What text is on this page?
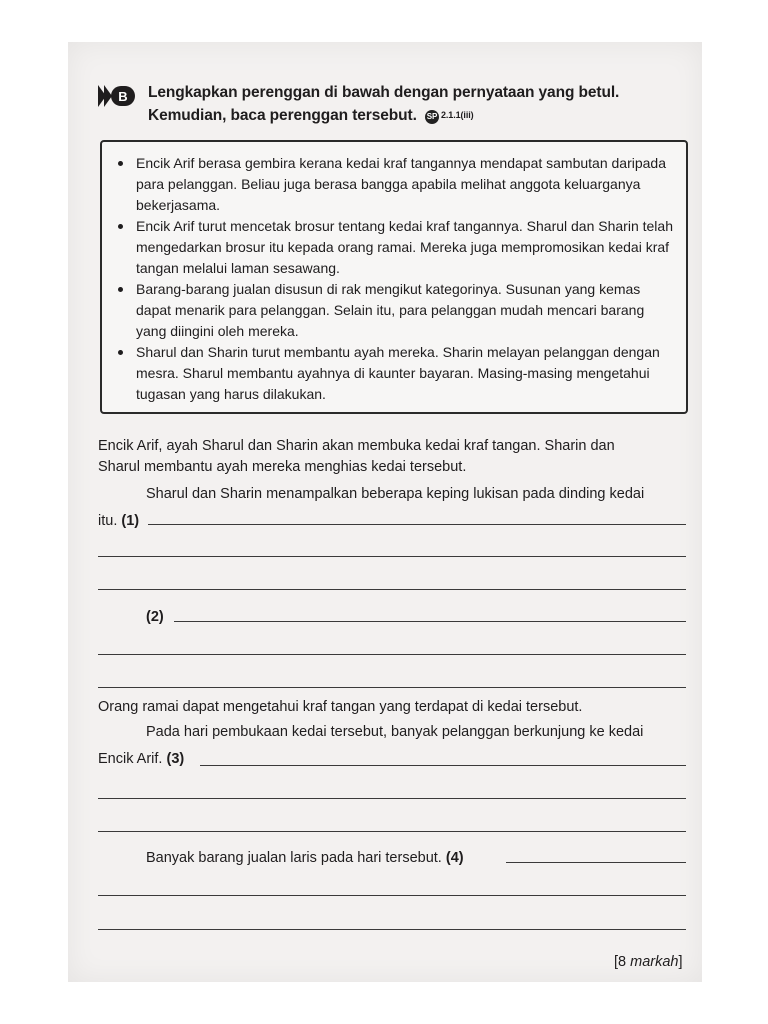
B Lengkapkan perenggan di bawah dengan pernyataan yang betul.
Kemudian, baca perenggan tersebut. SP 2.1.1(iii)
Encik Arif berasa gembira kerana kedai kraf tangannya mendapat sambutan daripada para pelanggan. Beliau juga berasa bangga apabila melihat anggota keluarganya bekerjasama.
Encik Arif turut mencetak brosur tentang kedai kraf tangannya. Sharul dan Sharin telah mengedarkan brosur itu kepada orang ramai. Mereka juga mempromosikan kedai kraf tangan melalui laman sesawang.
Barang-barang jualan disusun di rak mengikut kategorinya. Susunan yang kemas dapat menarik para pelanggan. Selain itu, para pelanggan mudah mencari barang yang diingini oleh mereka.
Sharul dan Sharin turut membantu ayah mereka. Sharin melayan pelanggan dengan mesra. Sharul membantu ayahnya di kaunter bayaran. Masing-masing mengetahui tugasan yang harus dilakukan.
Encik Arif, ayah Sharul dan Sharin akan membuka kedai kraf tangan. Sharin dan
Sharul membantu ayah mereka menghias kedai tersebut.
Sharul dan Sharin menampalkan beberapa keping lukisan pada dinding kedai
itu. (1)
(2)
Orang ramai dapat mengetahui kraf tangan yang terdapat di kedai tersebut.
Pada hari pembukaan kedai tersebut, banyak pelanggan berkunjung ke kedai
Encik Arif. (3)
Banyak barang jualan laris pada hari tersebut. (4)
[8 markah]
